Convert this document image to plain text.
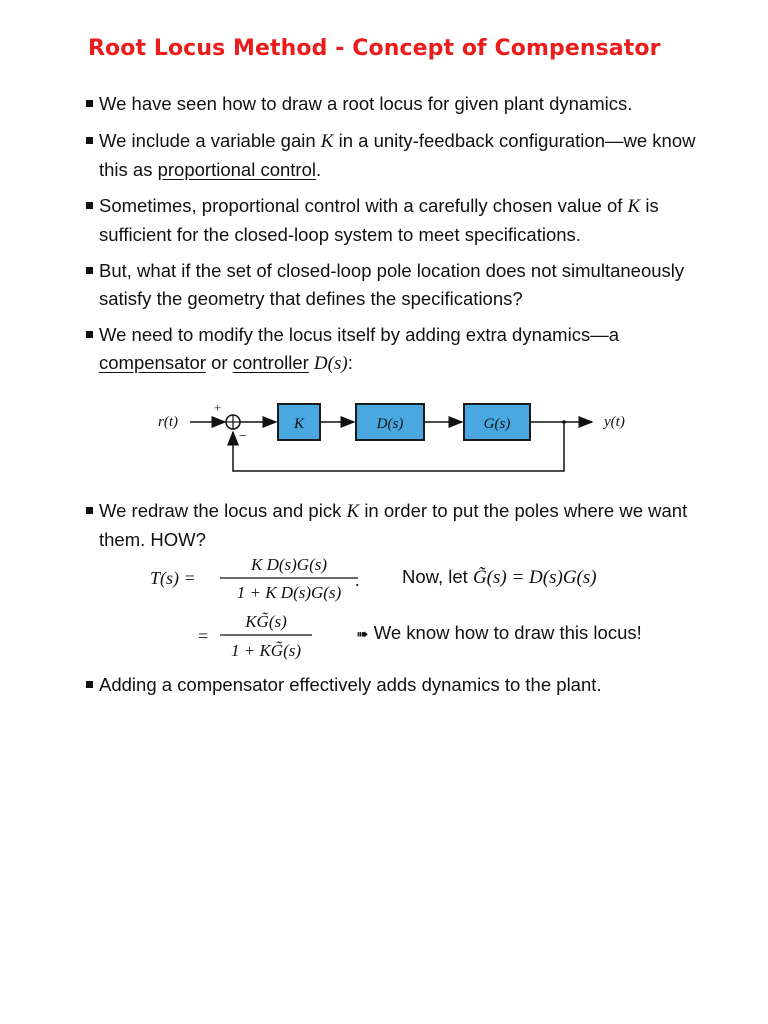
Root Locus Method - Concept of Compensator
We have seen how to draw a root locus for given plant dynamics.
We include a variable gain K in a unity-feedback configuration—we know this as proportional control.
Sometimes, proportional control with a carefully chosen value of K is sufficient for the closed-loop system to meet specifications.
But, what if the set of closed-loop pole location does not simultaneously satisfy the geometry that defines the specifications?
We need to modify the locus itself by adding extra dynamics—a compensator or controller D(s):
r(t)
+
−
K	D(s)	G(s)	y(t)
We redraw the locus and pick K in order to put the poles where we want them. HOW?
T(s) =
K D(s)G(s)
1 + K D(s)G(s)
.
=
KG̃(s)
1 + KG̃(s)
Now, let G̃(s) = D(s)G(s)
➠ We know how to draw this locus!
Adding a compensator effectively adds dynamics to the plant.
